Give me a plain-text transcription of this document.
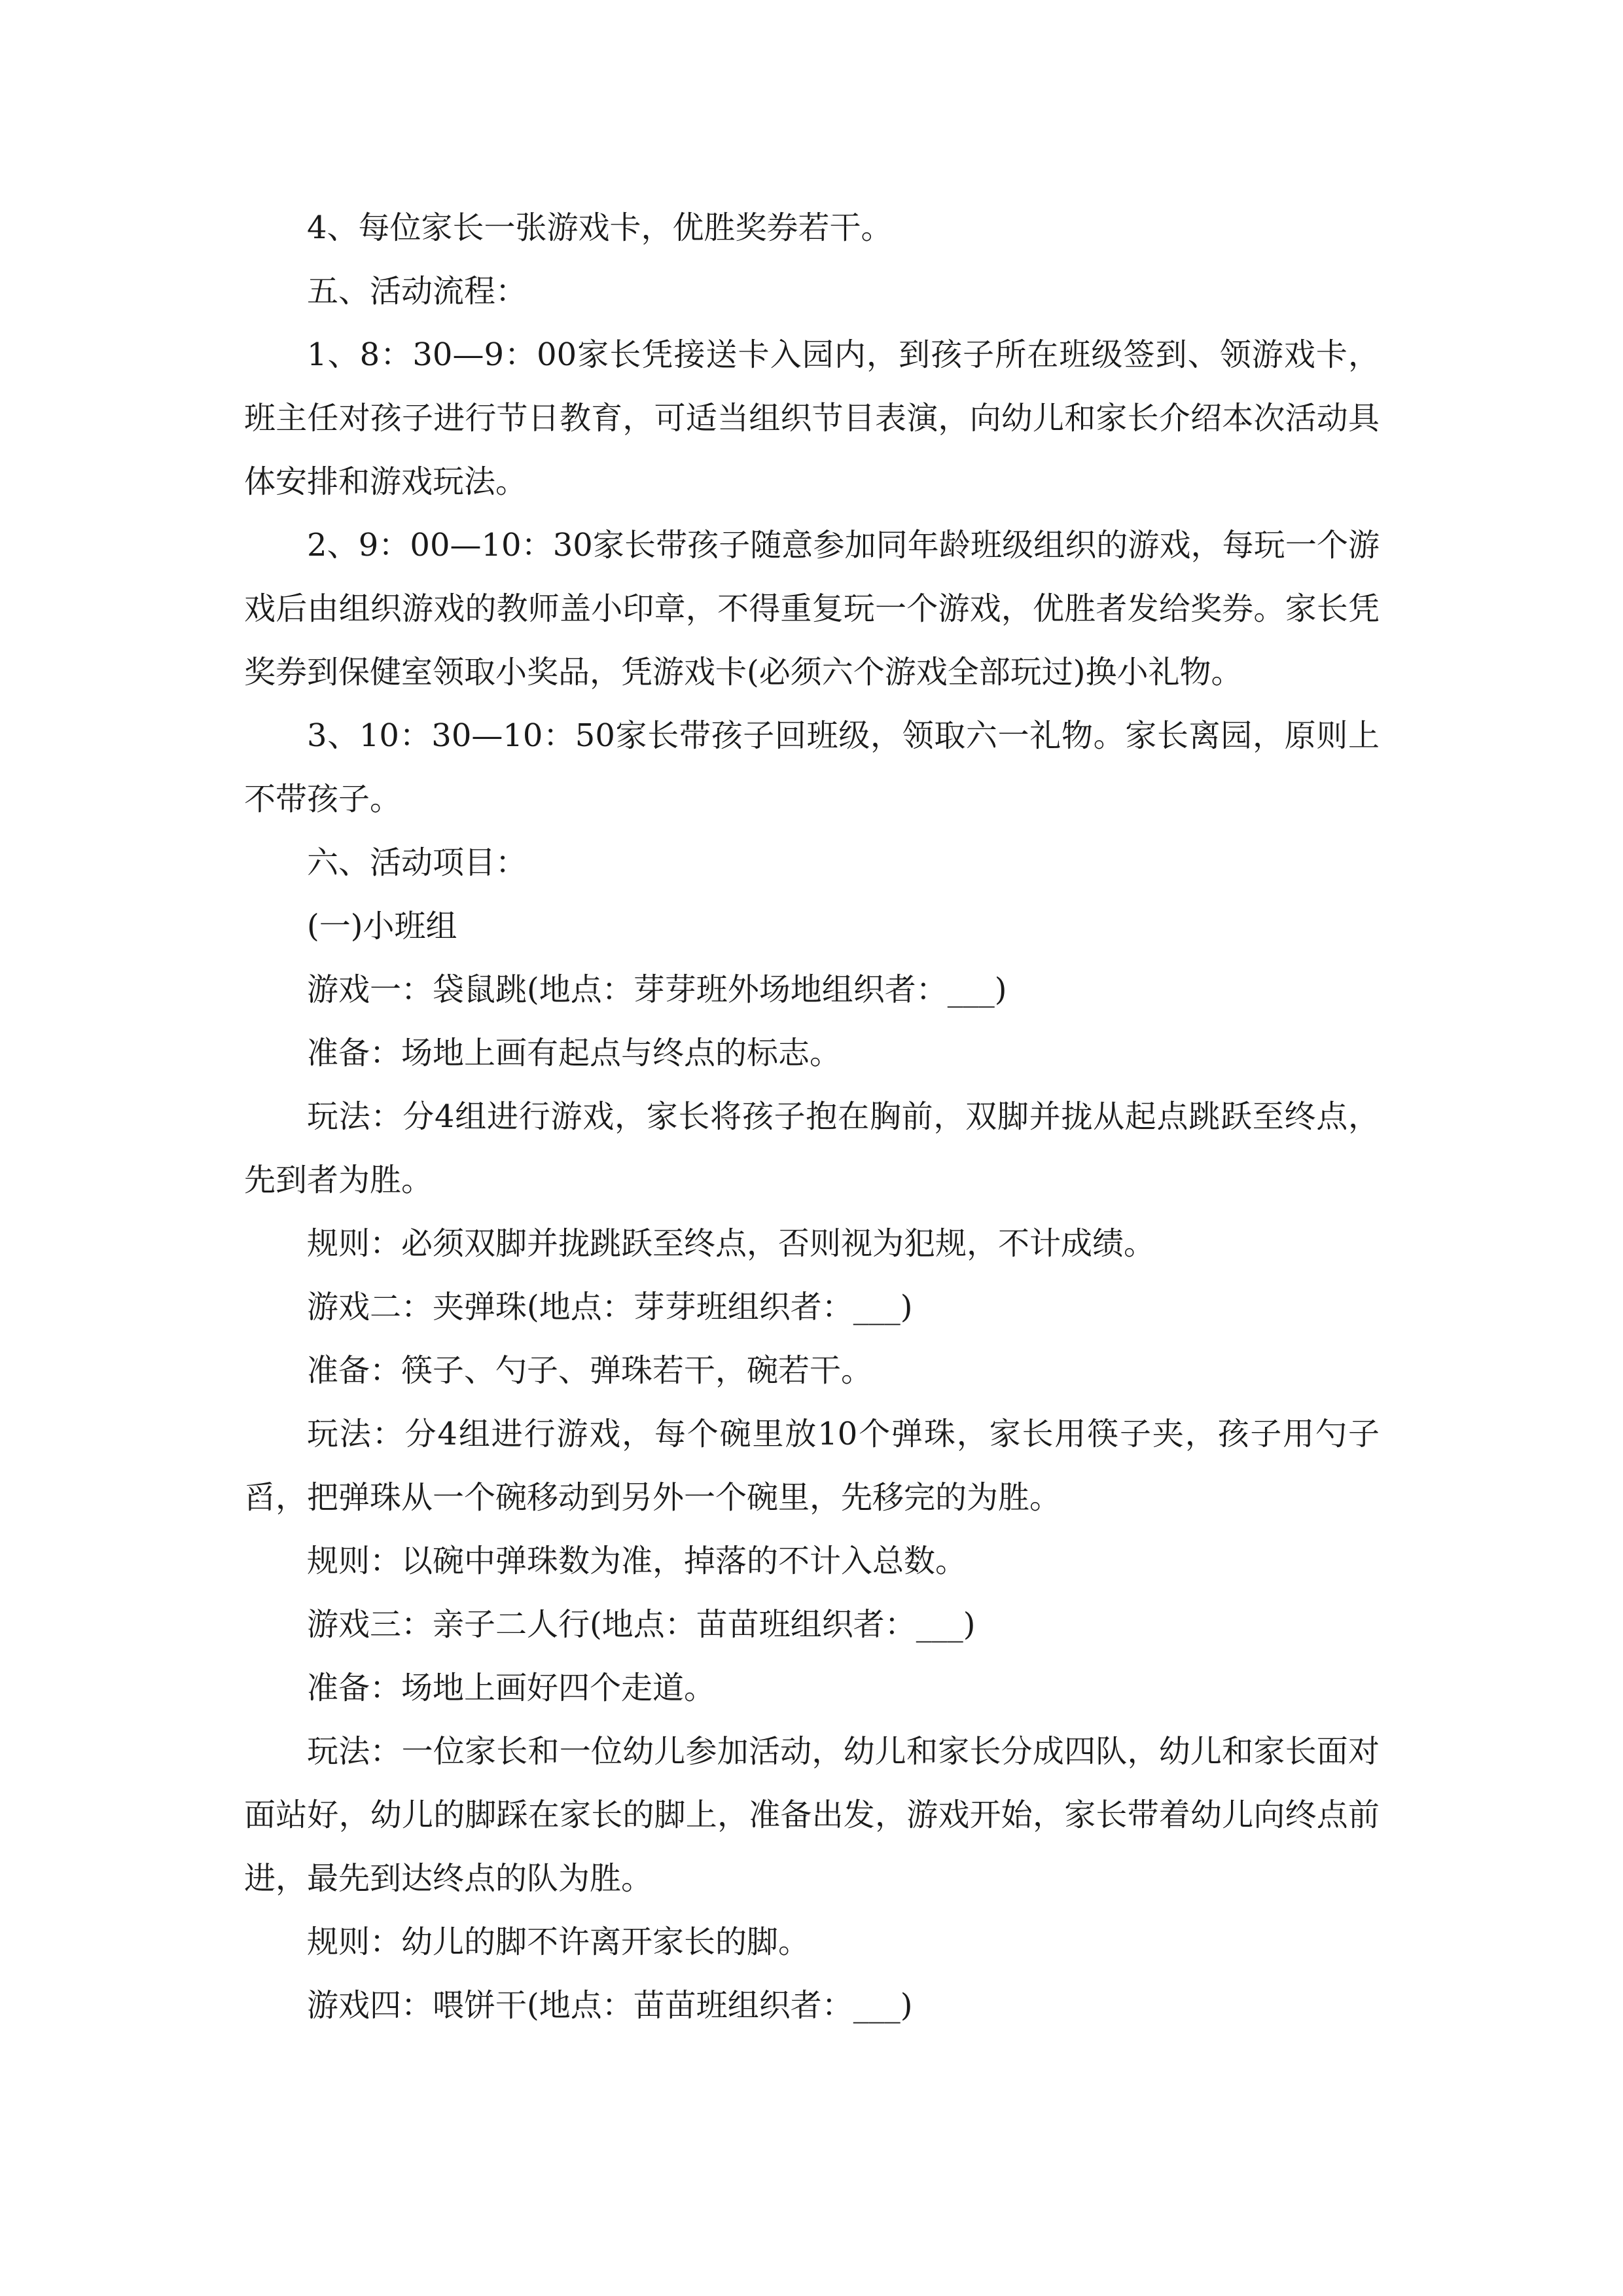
4、每位家长一张游戏卡，优胜奖券若干。

五、活动流程：

1、8：30—9：00家长凭接送卡入园内，到孩子所在班级签到、领游戏卡，班主任对孩子进行节日教育，可适当组织节目表演，向幼儿和家长介绍本次活动具体安排和游戏玩法。

2、9：00—10：30家长带孩子随意参加同年龄班级组织的游戏，每玩一个游戏后由组织游戏的教师盖小印章，不得重复玩一个游戏，优胜者发给奖券。家长凭奖券到保健室领取小奖品，凭游戏卡(必须六个游戏全部玩过)换小礼物。

3、10：30—10：50家长带孩子回班级，领取六一礼物。家长离园，原则上不带孩子。

六、活动项目：

(一)小班组

游戏一：袋鼠跳(地点：芽芽班外场地组织者：___)

准备：场地上画有起点与终点的标志。

玩法：分4组进行游戏，家长将孩子抱在胸前，双脚并拢从起点跳跃至终点，先到者为胜。

规则：必须双脚并拢跳跃至终点，否则视为犯规，不计成绩。

游戏二：夹弹珠(地点：芽芽班组织者：___)

准备：筷子、勺子、弹珠若干，碗若干。

玩法：分4组进行游戏，每个碗里放10个弹珠，家长用筷子夹，孩子用勺子舀，把弹珠从一个碗移动到另外一个碗里，先移完的为胜。

规则：以碗中弹珠数为准，掉落的不计入总数。

游戏三：亲子二人行(地点：苗苗班组织者：___)

准备：场地上画好四个走道。

玩法：一位家长和一位幼儿参加活动，幼儿和家长分成四队，幼儿和家长面对面站好，幼儿的脚踩在家长的脚上，准备出发，游戏开始，家长带着幼儿向终点前进，最先到达终点的队为胜。

规则：幼儿的脚不许离开家长的脚。

游戏四：喂饼干(地点：苗苗班组织者：___)
